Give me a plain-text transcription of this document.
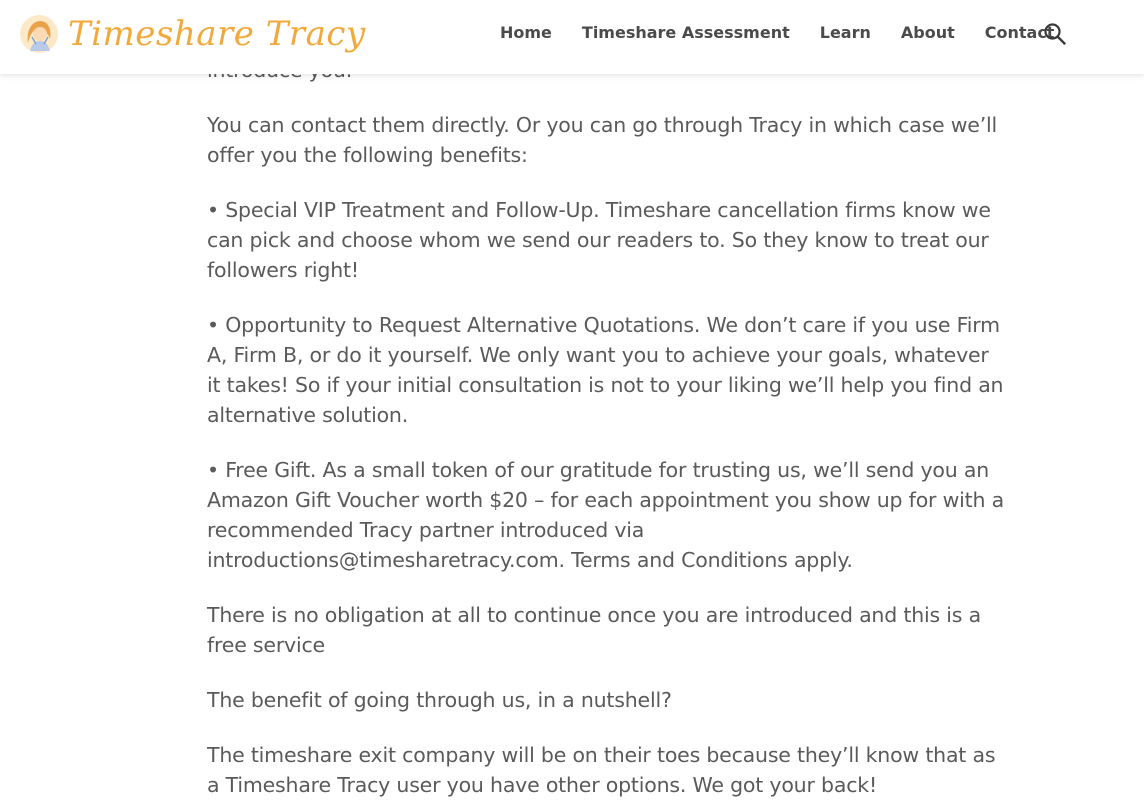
You can contact them directly. Or you can go through Tracy in which case we’ll offer you the following benefits:

• Special VIP Treatment and Follow-Up. Timeshare cancellation firms know we can pick and choose whom we send our readers to. So they know to treat our followers right!

• Opportunity to Request Alternative Quotations. We don’t care if you use Firm A, Firm B, or do it yourself. We only want you to achieve your goals, whatever it takes! So if your initial consultation is not to your liking we’ll help you find an alternative solution.

• Free Gift. As a small token of our gratitude for trusting us, we’ll send you an Amazon Gift Voucher worth $20 – for each appointment you show up for with a recommended Tracy partner introduced via introductions@timesharetracy.com. Terms and Conditions apply.

There is no obligation at all to continue once you are introduced and this is a free service

The benefit of going through us, in a nutshell?

The timeshare exit company will be on their toes because they’ll know that as a Timeshare Tracy user you have other options. We got your back!

Timeshare Tracy	Home Timeshare Assessment Learn About Contact
